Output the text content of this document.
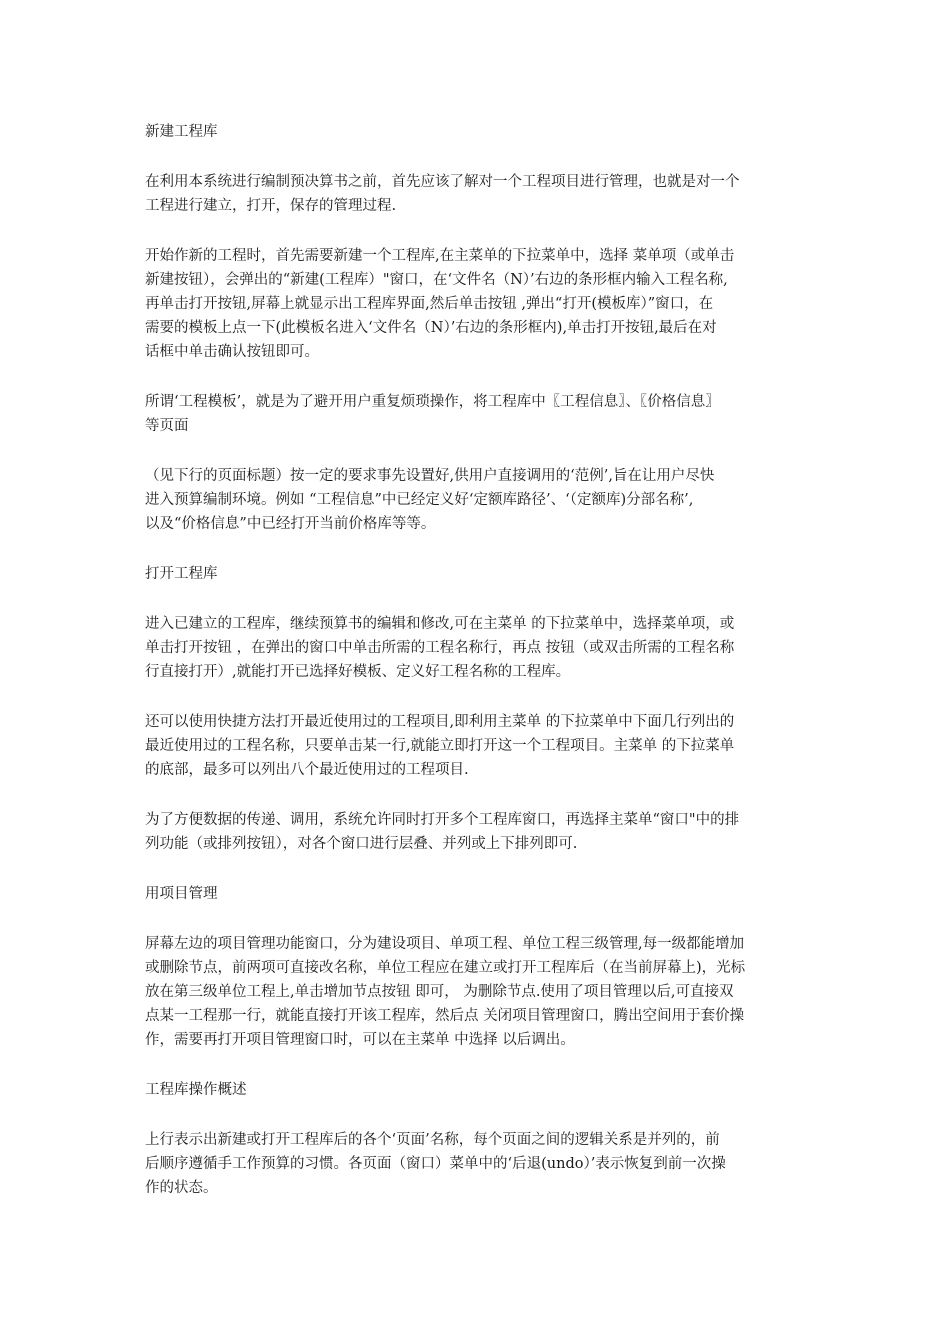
新建工程库
在利用本系统进行编制预决算书之前，首先应该了解对一个工程项目进行管理，也就是对一个
工程进行建立，打开，保存的管理过程.
开始作新的工程时，首先需要新建一个工程库,在主菜单的下拉菜单中，选择 菜单项（或单击
新建按钮），会弹出的“新建(工程库）"窗口，在‘文件名（N）’右边的条形框内输入工程名称,
再单击打开按钮,屏幕上就显示出工程库界面,然后单击按钮 ,弹出“打开(模板库）”窗口，在
需要的模板上点一下(此模板名进入‘文件名（N）’右边的条形框内),单击打开按钮,最后在对
话框中单击确认按钮即可。
所谓‘工程模板’，就是为了避开用户重复烦琐操作，将工程库中〖工程信息〗、〖价格信息〗
等页面
（见下行的页面标题）按一定的要求事先设置好,供用户直接调用的‘范例’,旨在让用户尽快
进入预算编制环境。例如 “工程信息”中已经定义好‘定额库路径’、‘（定额库)分部名称’,
以及“价格信息”中已经打开当前价格库等等。
打开工程库
进入已建立的工程库，继续预算书的编辑和修改,可在主菜单 的下拉菜单中，选择菜单项，或
单击打开按钮 ，在弹出的窗口中单击所需的工程名称行，再点 按钮（或双击所需的工程名称
行直接打开）,就能打开已选择好模板、定义好工程名称的工程库。
还可以使用快捷方法打开最近使用过的工程项目,即利用主菜单 的下拉菜单中下面几行列出的
最近使用过的工程名称，只要单击某一行,就能立即打开这一个工程项目。主菜单 的下拉菜单
的底部，最多可以列出八个最近使用过的工程项目.
为了方便数据的传递、调用，系统允许同时打开多个工程库窗口，再选择主菜单“窗口"中的排
列功能（或排列按钮），对各个窗口进行层叠、并列或上下排列即可.
用项目管理
屏幕左边的项目管理功能窗口，分为建设项目、单项工程、单位工程三级管理,每一级都能增加
或删除节点，前两项可直接改名称，单位工程应在建立或打开工程库后（在当前屏幕上)，光标
放在第三级单位工程上,单击增加节点按钮 即可， 为删除节点.使用了项目管理以后,可直接双
点某一工程那一行，就能直接打开该工程库，然后点 关闭项目管理窗口，腾出空间用于套价操
作，需要再打开项目管理窗口时，可以在主菜单 中选择 以后调出。
工程库操作概述
上行表示出新建或打开工程库后的各个‘页面’名称，每个页面之间的逻辑关系是并列的，前
后顺序遵循手工作预算的习惯。各页面（窗口）菜单中的‘后退(undo）’表示恢复到前一次操
作的状态。
